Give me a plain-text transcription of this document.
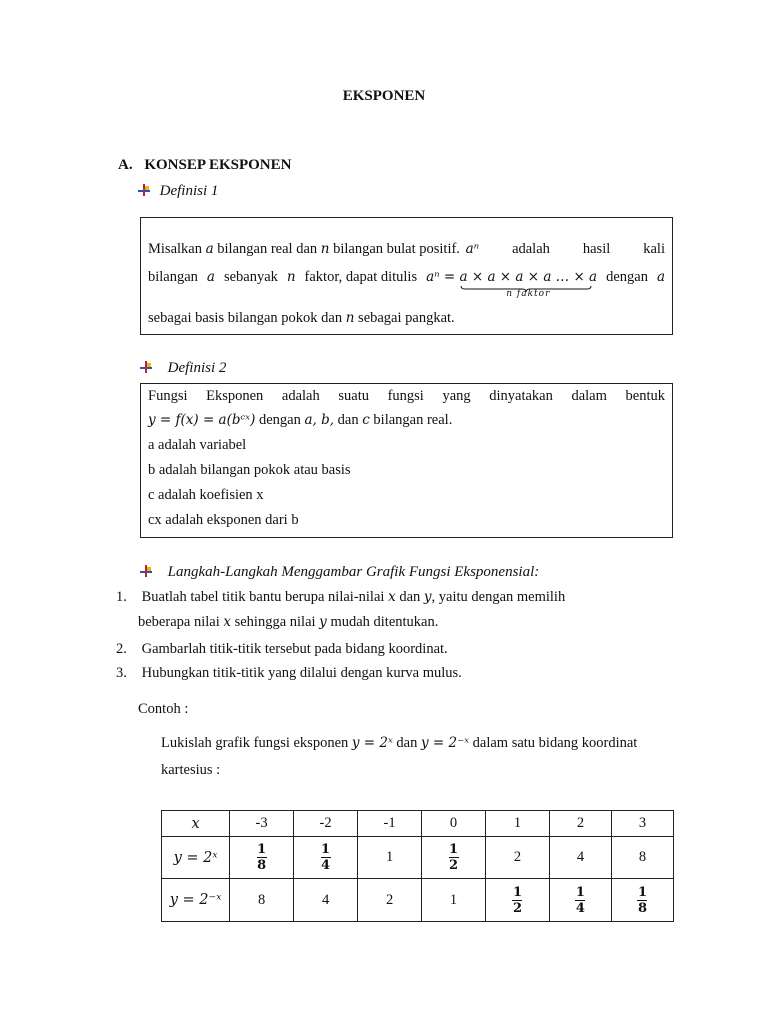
EKSPONEN
A. KONSEP EKSPONEN
Definisi 1
Misalkan a bilangan real dan n bilangan bulat positif. aⁿ adalah hasil kali
bilangan a sebanyak n faktor, dapat ditulis aⁿ = a × a × a × a … × a
n faktor
dengan a
sebagai basis bilangan pokok dan n sebagai pangkat.
Definisi 2
Fungsi Eksponen adalah suatu fungsi yang dinyatakan dalam bentuk
y = f(x) = a(bᶜˣ) dengan a, b, dan c bilangan real.
a adalah variabel
b adalah bilangan pokok atau basis
c adalah koefisien x
cx adalah eksponen dari b
Langkah-Langkah Menggambar Grafik Fungsi Eksponensial:
1. Buatlah tabel titik bantu berupa nilai-nilai x dan y, yaitu dengan memilih
beberapa nilai x sehingga nilai y mudah ditentukan.
2. Gambarlah titik-titik tersebut pada bidang koordinat.
3. Hubungkan titik-titik yang dilalui dengan kurva mulus.
Contoh :
Lukislah grafik fungsi eksponen y = 2ˣ dan y = 2⁻ˣ dalam satu bidang koordinat
kartesius :
x	-3	-2	-1	0	1	2	3
y = 2ˣ	$\frac{1}{8}$	$\frac{1}{4}$	1	$\frac{1}{2}$	2	4	8
y = 2⁻ˣ	8	4	2	1	$\frac{1}{2}$	$\frac{1}{4}$	$\frac{1}{8}$
